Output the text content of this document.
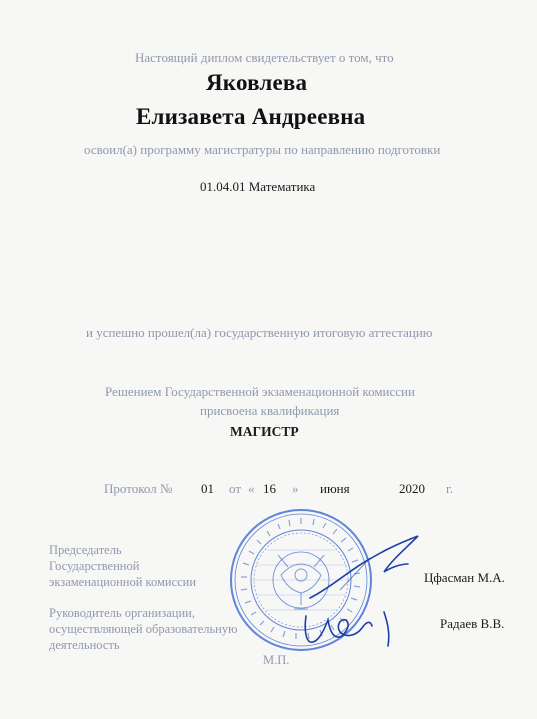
Настоящий диплом свидетельствует о том, что
Яковлева
Елизавета Андреевна
освоил(а) программу магистратуры по направлению подготовки
01.04.01 Математика
и успешно прошел(ла) государственную итоговую аттестацию
Решением Государственной экзаменационной комиссии
присвоена квалификация
МАГИСТР
Протокол № 01 от « 16 » июня	2020 г.
Председатель
Государственной
экзаменационной комиссии	Цфасман М.А.
Руководитель организации,
осуществляющей образовательную
деятельность
Радаев В.В.
М.П.
